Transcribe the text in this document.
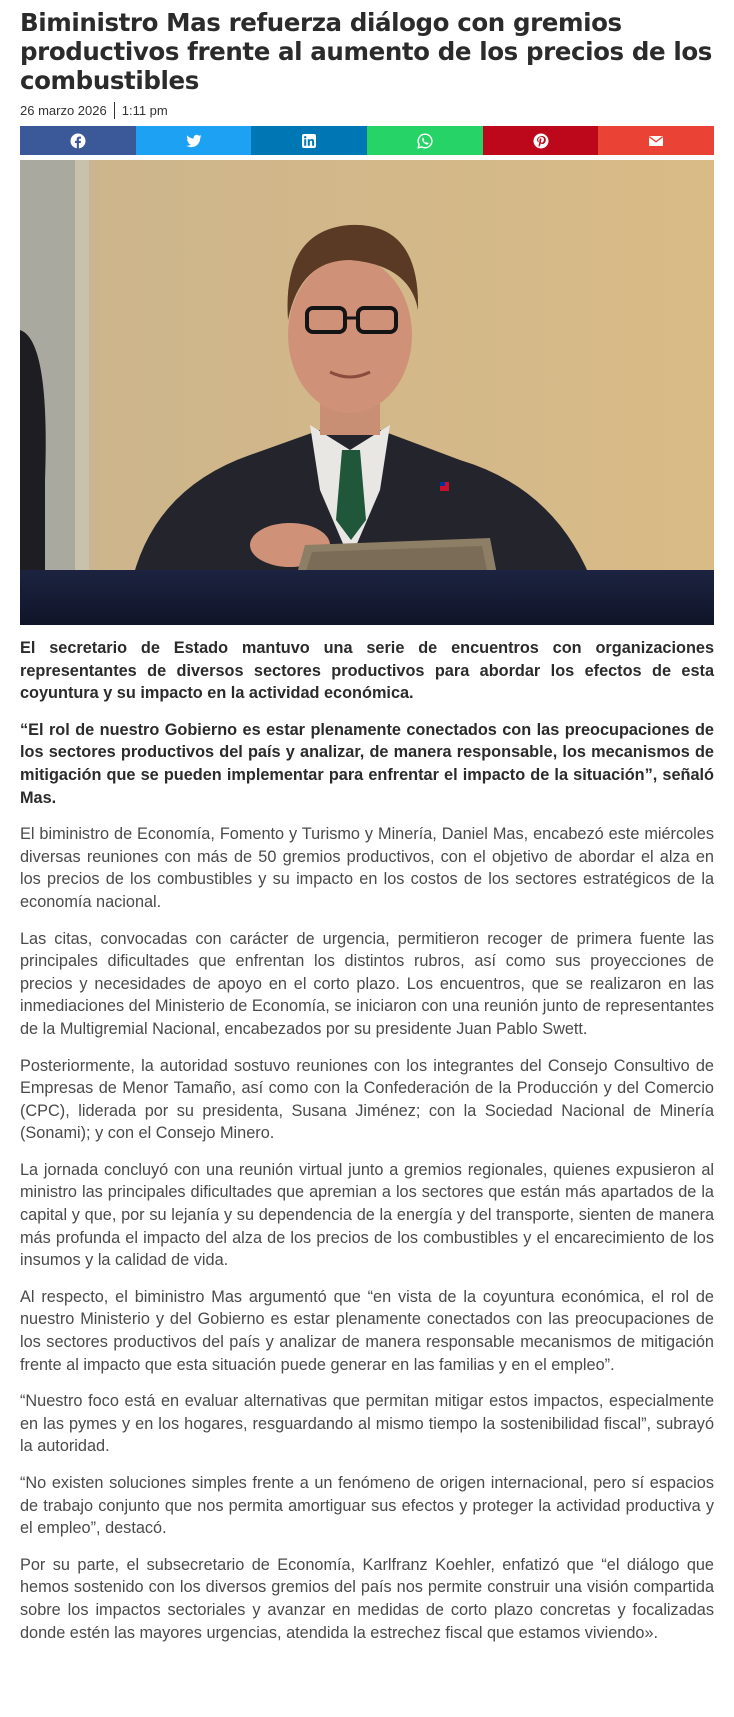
Biministro Mas refuerza diálogo con gremios productivos frente al aumento de los precios de los combustibles
26 marzo 2026 1:11 pm

El secretario de Estado mantuvo una serie de encuentros con organizaciones representantes de diversos sectores productivos para abordar los efectos de esta coyuntura y su impacto en la actividad económica.

“El rol de nuestro Gobierno es estar plenamente conectados con las preocupaciones de los sectores productivos del país y analizar, de manera responsable, los mecanismos de mitigación que se pueden implementar para enfrentar el impacto de la situación”, señaló Mas.

El biministro de Economía, Fomento y Turismo y Minería, Daniel Mas, encabezó este miércoles diversas reuniones con más de 50 gremios productivos, con el objetivo de abordar el alza en los precios de los combustibles y su impacto en los costos de los sectores estratégicos de la economía nacional.

Las citas, convocadas con carácter de urgencia, permitieron recoger de primera fuente las principales dificultades que enfrentan los distintos rubros, así como sus proyecciones de precios y necesidades de apoyo en el corto plazo. Los encuentros, que se realizaron en las inmediaciones del Ministerio de Economía, se iniciaron con una reunión junto de representantes de la Multigremial Nacional, encabezados por su presidente Juan Pablo Swett.

Posteriormente, la autoridad sostuvo reuniones con los integrantes del Consejo Consultivo de Empresas de Menor Tamaño, así como con la Confederación de la Producción y del Comercio (CPC), liderada por su presidenta, Susana Jiménez; con la Sociedad Nacional de Minería (Sonami); y con el Consejo Minero.

La jornada concluyó con una reunión virtual junto a gremios regionales, quienes expusieron al ministro las principales dificultades que apremian a los sectores que están más apartados de la capital y que, por su lejanía y su dependencia de la energía y del transporte, sienten de manera más profunda el impacto del alza de los precios de los combustibles y el encarecimiento de los insumos y la calidad de vida.

Al respecto, el biministro Mas argumentó que “en vista de la coyuntura económica, el rol de nuestro Ministerio y del Gobierno es estar plenamente conectados con las preocupaciones de los sectores productivos del país y analizar de manera responsable mecanismos de mitigación frente al impacto que esta situación puede generar en las familias y en el empleo”.

“Nuestro foco está en evaluar alternativas que permitan mitigar estos impactos, especialmente en las pymes y en los hogares, resguardando al mismo tiempo la sostenibilidad fiscal”, subrayó la autoridad.

“No existen soluciones simples frente a un fenómeno de origen internacional, pero sí espacios de trabajo conjunto que nos permita amortiguar sus efectos y proteger la actividad productiva y el empleo”, destacó.

Por su parte, el subsecretario de Economía, Karlfranz Koehler, enfatizó que “el diálogo que hemos sostenido con los diversos gremios del país nos permite construir una visión compartida sobre los impactos sectoriales y avanzar en medidas de corto plazo concretas y focalizadas donde estén las mayores urgencias, atendida la estrechez fiscal que estamos viviendo».
